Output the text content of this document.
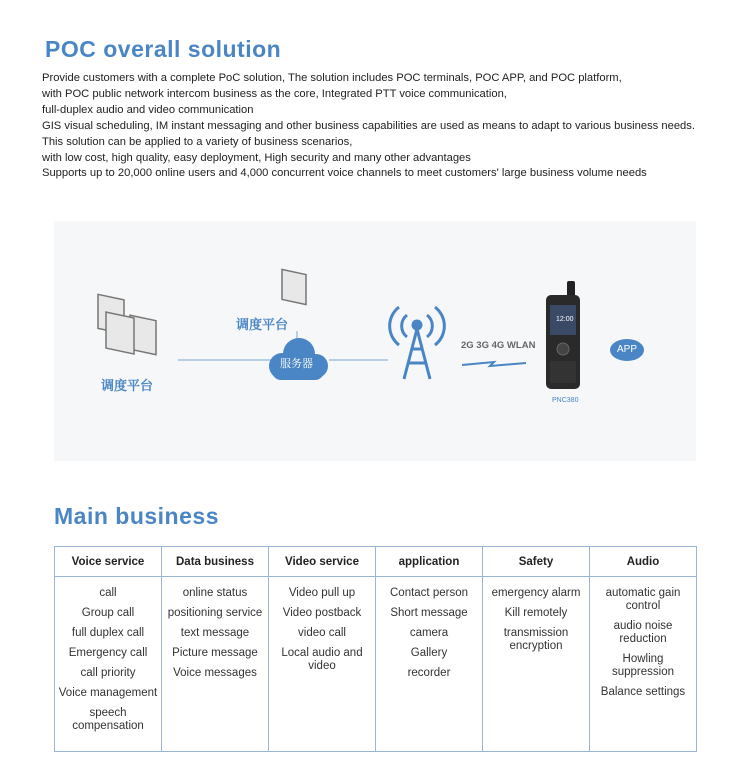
POC overall solution
Provide customers with a complete PoC solution, The solution includes POC terminals, POC APP, and POC platform,
with POC public network intercom business as the core, Integrated PTT voice communication,
full-duplex audio and video communication
GIS visual scheduling, IM instant messaging and other business capabilities are used as means to adapt to various business needs.
This solution can be applied to a variety of business scenarios,
with low cost, high quality, easy deployment, High security and many other advantages
Supports up to 20,000 online users and 4,000 concurrent voice channels to meet customers' large business volume needs
调度平台
调度平台
服务器
2G 3G 4G WLAN
PNC380
12:00
APP
Main business
Voice service
call
Group call
full duplex call
Emergency call
call priority
Voice management
speech compensation
Data business
online status
positioning service
text message
Picture message
Voice messages
Video service
Video pull up
Video postback
video call
Local audio and video
application
Contact person
Short message
camera
Gallery
recorder
Safety
emergency alarm
Kill remotely
transmission encryption
Audio
automatic gain control
audio noise reduction
Howling suppression
Balance settings
